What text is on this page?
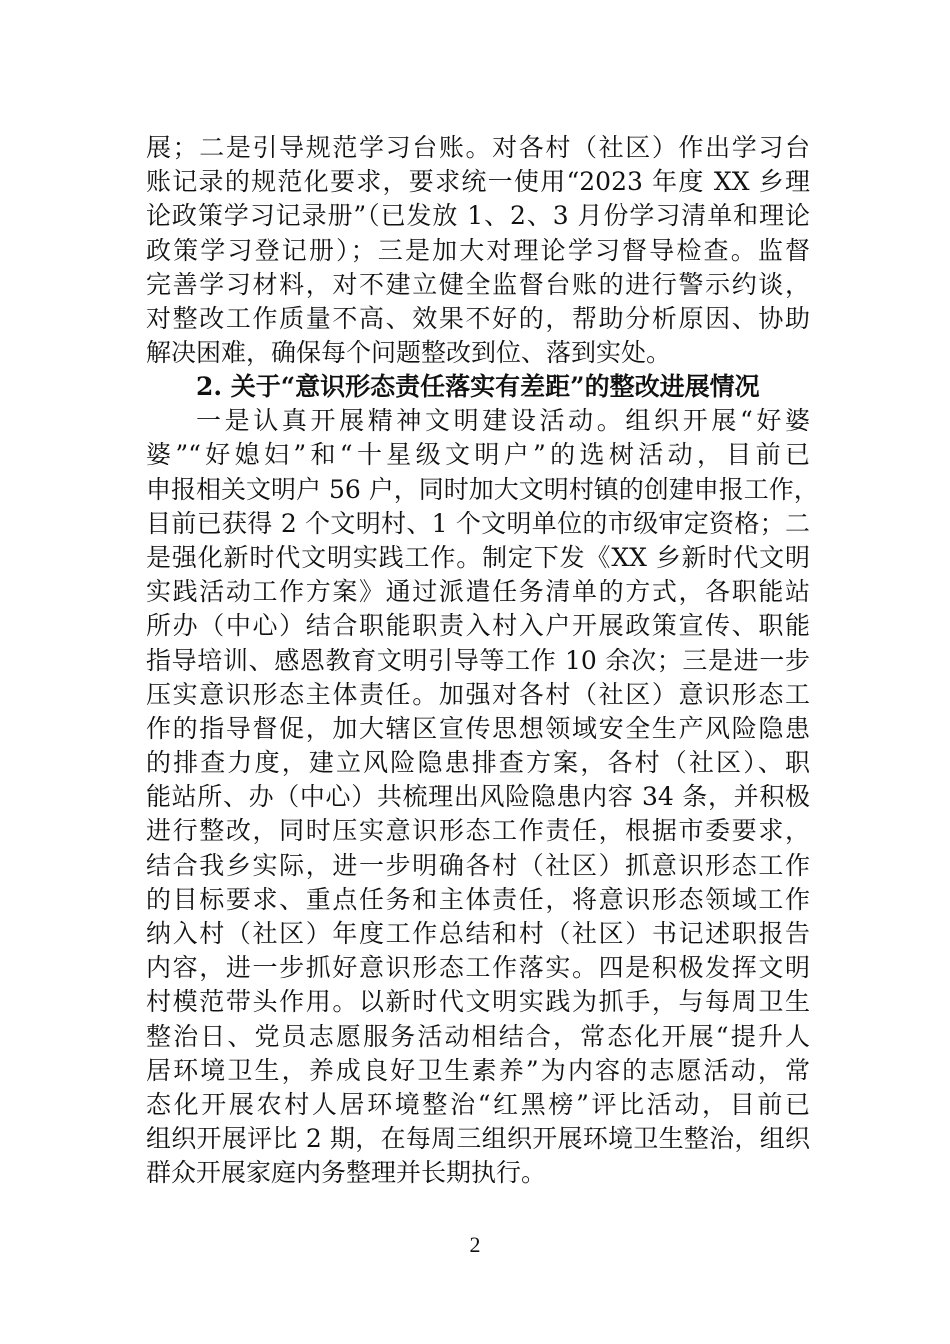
展；二是引导规范学习台账。对各村（社区）作出学习台
账记录的规范化要求，要求统一使用“2023 年度 XX 乡理
论政策学习记录册”（已发放 1、2、3 月份学习清单和理论
政策学习登记册）；三是加大对理论学习督导检查。监督
完善学习材料，对不建立健全监督台账的进行警示约谈，
对整改工作质量不高、效果不好的，帮助分析原因、协助
解决困难，确保每个问题整改到位、落到实处。
2. 关于“意识形态责任落实有差距”的整改进展情况
一是认真开展精神文明建设活动。组织开展“好婆
婆”“好媳妇”和“十星级文明户”的选树活动，目前已
申报相关文明户 56 户，同时加大文明村镇的创建申报工作，
目前已获得 2 个文明村、1 个文明单位的市级审定资格；二
是强化新时代文明实践工作。制定下发《XX 乡新时代文明
实践活动工作方案》通过派遣任务清单的方式，各职能站
所办（中心）结合职能职责入村入户开展政策宣传、职能
指导培训、感恩教育文明引导等工作 10 余次；三是进一步
压实意识形态主体责任。加强对各村（社区）意识形态工
作的指导督促，加大辖区宣传思想领域安全生产风险隐患
的排查力度，建立风险隐患排查方案，各村（社区）、职
能站所、办（中心）共梳理出风险隐患内容 34 条，并积极
进行整改，同时压实意识形态工作责任，根据市委要求，
结合我乡实际，进一步明确各村（社区）抓意识形态工作
的目标要求、重点任务和主体责任，将意识形态领域工作
纳入村（社区）年度工作总结和村（社区）书记述职报告
内容，进一步抓好意识形态工作落实。四是积极发挥文明
村模范带头作用。以新时代文明实践为抓手，与每周卫生
整治日、党员志愿服务活动相结合，常态化开展“提升人
居环境卫生，养成良好卫生素养”为内容的志愿活动，常
态化开展农村人居环境整治“红黑榜”评比活动，目前已
组织开展评比 2 期，在每周三组织开展环境卫生整治，组织
群众开展家庭内务整理并长期执行。
2
